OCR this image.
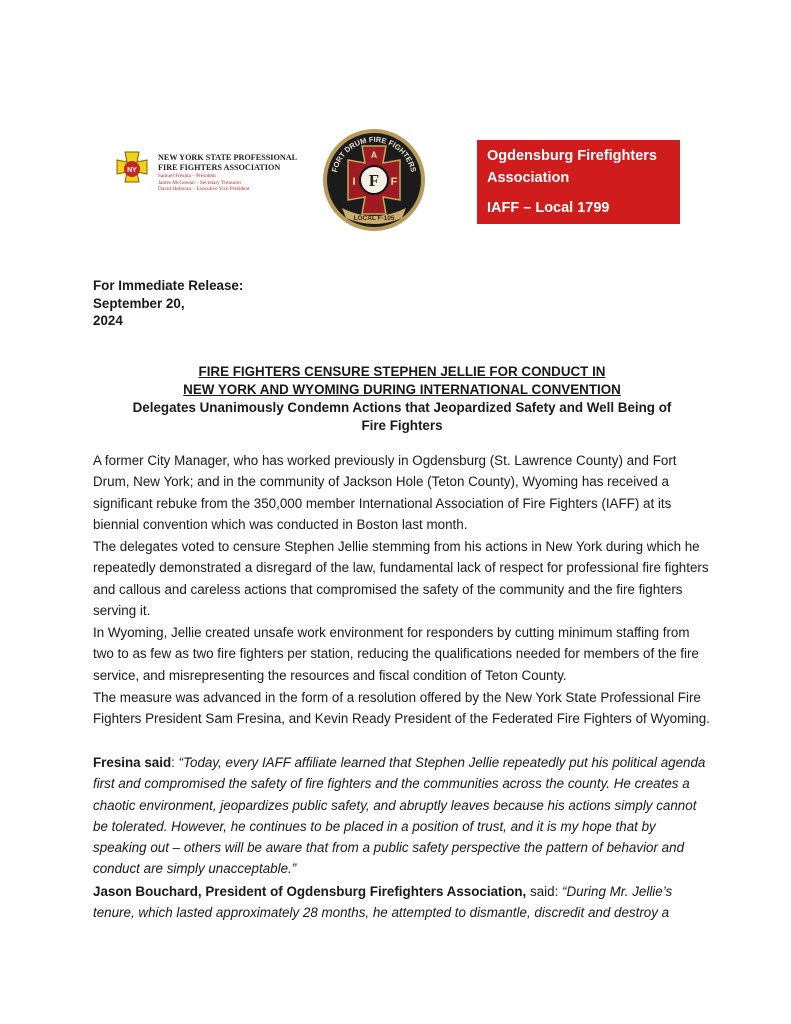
NY
NEW YORK STATE PROFESSIONAL
FIRE FIGHTERS ASSOCIATION
Samuel Fresina – President
James McGowan – Secretary Treasurer
David Holloran – Executive Vice President	F
A
I	F
LOCAL F-105
FORT DRUM FIRE FIGHTERS
Ogdensburg Firefighters
Association
IAFF – Local 1799
For Immediate Release:
September 20,
2024
FIRE FIGHTERS CENSURE STEPHEN JELLIE FOR CONDUCT IN
NEW YORK AND WYOMING DURING INTERNATIONAL CONVENTION
Delegates Unanimously Condemn Actions that Jeopardized Safety and Well Being of Fire Fighters

A former City Manager, who has worked previously in Ogdensburg (St. Lawrence County) and Fort Drum, New York; and in the community of Jackson Hole (Teton County), Wyoming has received a significant rebuke from the 350,000 member International Association of Fire Fighters (IAFF) at its biennial convention which was conducted in Boston last month.

The delegates voted to censure Stephen Jellie stemming from his actions in New York during which he repeatedly demonstrated a disregard of the law, fundamental lack of respect for professional fire fighters and callous and careless actions that compromised the safety of the community and the fire fighters serving it.

In Wyoming, Jellie created unsafe work environment for responders by cutting minimum staffing from two to as few as two fire fighters per station, reducing the qualifications needed for members of the fire service, and misrepresenting the resources and fiscal condition of Teton County.

The measure was advanced in the form of a resolution offered by the New York State Professional Fire Fighters President Sam Fresina, and Kevin Ready President of the Federated Fire Fighters of Wyoming.

Fresina said: “Today, every IAFF affiliate learned that Stephen Jellie repeatedly put his political agenda first and compromised the safety of fire fighters and the communities across the county. He creates a chaotic environment, jeopardizes public safety, and abruptly leaves because his actions simply cannot be tolerated. However, he continues to be placed in a position of trust, and it is my hope that by speaking out – others will be aware that from a public safety perspective the pattern of behavior and conduct are simply unacceptable.”

Jason Bouchard, President of Ogdensburg Firefighters Association, said: “During Mr. Jellie’s tenure, which lasted approximately 28 months, he attempted to dismantle, discredit and destroy a
